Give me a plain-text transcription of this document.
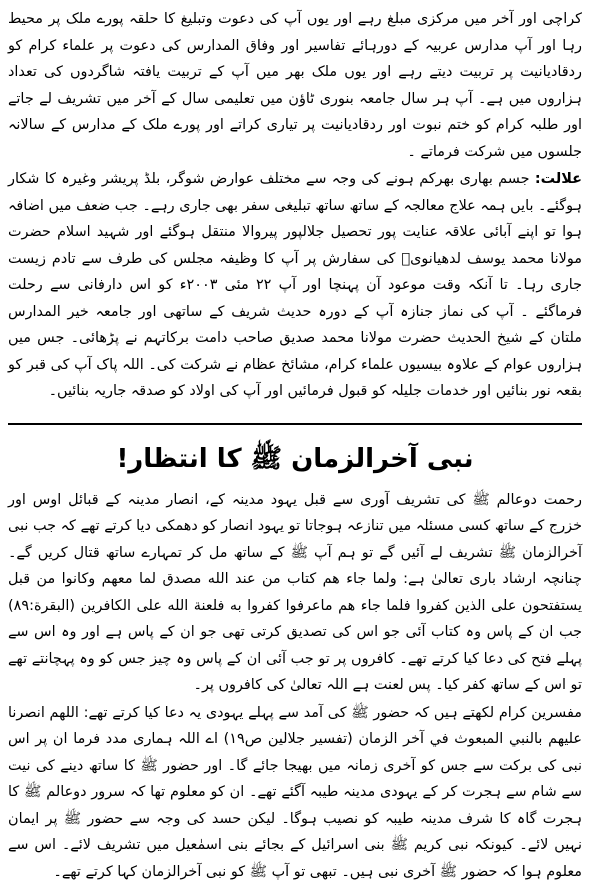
کراچی اور آخر میں مرکزی مبلغ رہے اور یوں آپ کی دعوت وتبلیغ کا حلقہ پورے ملک پر محیط رہا اور آپ مدارس عربیہ کے دورہائے تفاسیر اور وفاق المدارس کی دعوت پر علماء کرام کو ردقادیانیت پر تربیت دیتے رہے اور یوں ملک بھر میں آپ کے تربیت یافتہ شاگردوں کی تعداد ہزاروں میں ہے۔ آپ ہر سال جامعہ بنوری ٹاؤن میں تعلیمی سال کے آخر میں تشریف لے جاتے اور طلبہ کرام کو ختم نبوت اور ردقادیانیت پر تیاری کراتے اور پورے ملک کے مدارس کے سالانہ جلسوں میں شرکت فرماتے ۔

علالت: جسم بھاری بھرکم ہونے کی وجہ سے مختلف عوارض شوگر، بلڈ پریشر وغیرہ کا شکار ہوگئے۔ بایں ہمہ علاج معالجہ کے ساتھ ساتھ تبلیغی سفر بھی جاری رہے۔ جب ضعف میں اضافہ ہوا تو اپنے آبائی علاقہ عنایت پور تحصیل جلالپور پیروالا منتقل ہوگئے اور شہید اسلام حضرت مولانا محمد یوسف لدھیانویؒ کی سفارش پر آپ کا وظیفہ مجلس کی طرف سے تادم زیست جاری رہا۔ تا آنکہ وقت موعود آن پہنچا اور آپ ۲۲ مئی ۲۰۰۳ء کو اس دارفانی سے رحلت فرماگئے ۔ آپ کی نماز جنازہ آپ کے دورہ حدیث شریف کے ساتھی اور جامعہ خیر المدارس ملتان کے شیخ الحدیث حضرت مولانا محمد صدیق صاحب دامت برکاتہم نے پڑھائی۔ جس میں ہزاروں عوام کے علاوہ بیسیوں علماء کرام، مشائخ عظام نے شرکت کی۔ اللہ پاک آپ کی قبر کو بقعہ نور بنائیں اور خدمات جلیلہ کو قبول فرمائیں اور آپ کی اولاد کو صدقہ جاریہ بنائیں۔

نبی آخرالزمان ﷺ کا انتظار!

رحمت دوعالم ﷺ کی تشریف آوری سے قبل یہود مدینہ کے، انصار مدینہ کے قبائل اوس اور خزرج کے ساتھ کسی مسئلہ میں تنازعہ ہوجاتا تو یہود انصار کو دھمکی دیا کرتے تھے کہ جب نبی آخرالزمان ﷺ تشریف لے آئیں گے تو ہم آپ ﷺ کے ساتھ مل کر تمہارے ساتھ قتال کریں گے۔ چنانچہ ارشاد باری تعالیٰ ہے: ولما جاء هم كتاب من عند الله مصدق لما معهم وكانوا من قبل يستفتحون على الذين كفروا فلما جاء هم ماعرفوا كفروا به فلعنة الله على الكافرين (البقرة:٨٩) جب ان کے پاس وہ کتاب آئی جو اس کی تصدیق کرتی تھی جو ان کے پاس ہے اور وہ اس سے پہلے فتح کی دعا کیا کرتے تھے۔ کافروں پر تو جب آئی ان کے پاس وہ چیز جس کو وہ پہچانتے تھے تو اس کے ساتھ کفر کیا۔ پس لعنت ہے اللہ تعالیٰ کی کافروں پر۔

مفسرین کرام لکھتے ہیں کہ حضور ﷺ کی آمد سے پہلے یہودی یہ دعا کیا کرتے تھے: اللهم انصرنا عليهم بالنبي المبعوث في آخر الزمان (تفسير جلالين ص١٩) اے اللہ ہماری مدد فرما ان پر اس نبی کی برکت سے جس کو آخری زمانہ میں بھیجا جائے گا۔ اور حضور ﷺ کا ساتھ دینے کی نیت سے شام سے ہجرت کر کے یہودی مدینہ طیبہ آگئے تھے۔ ان کو معلوم تھا کہ سرور دوعالم ﷺ کا ہجرت گاہ کا شرف مدینہ طیبہ کو نصیب ہوگا۔ لیکن حسد کی وجہ سے حضور ﷺ پر ایمان نہیں لائے۔ کیونکہ نبی کریم ﷺ بنی اسرائیل کے بجائے بنی اسمٰعیل میں تشریف لائے۔ اس سے معلوم ہوا کہ حضور ﷺ آخری نبی ہیں۔ تبھی تو آپ ﷺ کو نبی آخرالزمان کہا کرتے تھے۔
